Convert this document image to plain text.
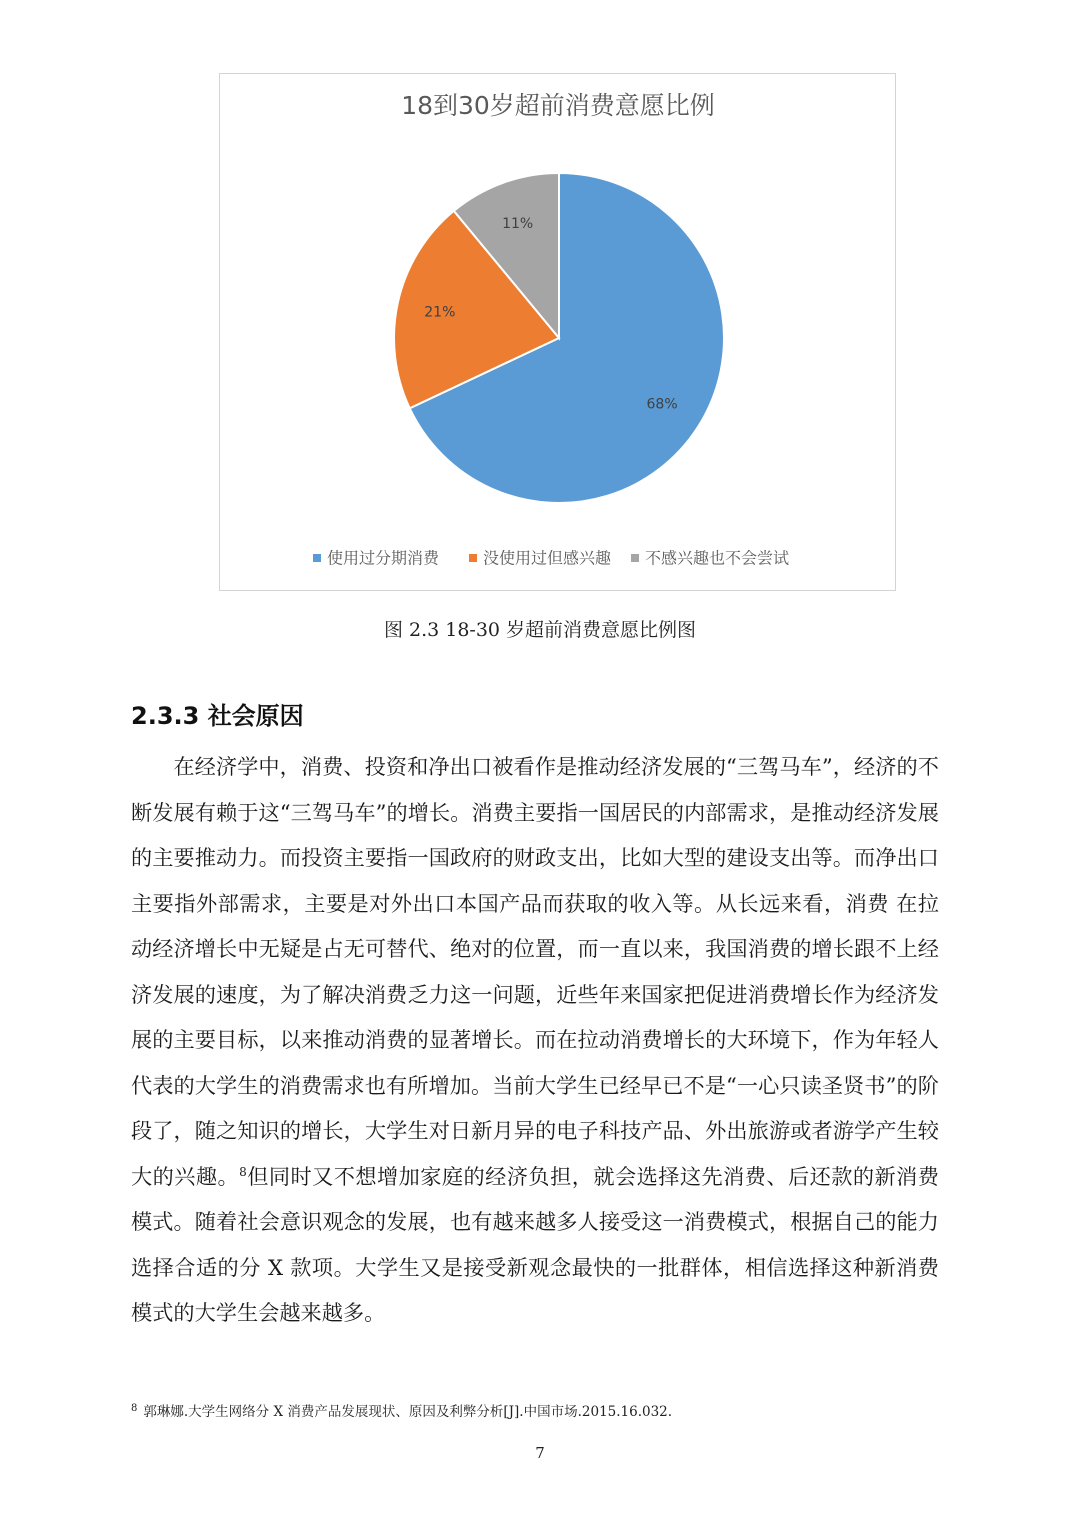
18到30岁超前消费意愿比例
68%
21%
11%
使用过分期消费	没使用过但感兴趣 不感兴趣也不会尝试
图 2.3 18-30 岁超前消费意愿比例图
2.3.3 社会原因

在经济学中，消费、投资和净出口被看作是推动经济发展的“三驾马车”，经济的不断发展有赖于这“三驾马车”的增长。消费主要指一国居民的内部需求，是推动经济发展的主要推动力。而投资主要指一国政府的财政支出，比如大型的建设支出等。而净出口主要指外部需求，主要是对外出口本国产品而获取的收入等。从长远来看，消费 在拉动经济增长中无疑是占无可替代、绝对的位置，而一直以来，我国消费的增长跟不上经济发展的速度，为了解决消费乏力这一问题，近些年来国家把促进消费增长作为经济发展的主要目标，以来推动消费的显著增长。而在拉动消费增长的大环境下，作为年轻人代表的大学生的消费需求也有所增加。当前大学生已经早已不是“一心只读圣贤书”的阶段了，随之知识的增长，大学生对日新月异的电子科技产品、外出旅游或者游学产生较大的兴趣。$^8$但同时又不想增加家庭的经济负担，就会选择这先消费、后还款的新消费模式。随着社会意识观念的发展，也有越来越多人接受这一消费模式，根据自己的能力选择合适的分 X 款项。大学生又是接受新观念最快的一批群体，相信选择这种新消费模式的大学生会越来越多。

$^8$ 郭琳娜.大学生网络分 X 消费产品发展现状、原因及利弊分析[J].中国市场.2015.16.032.
7
